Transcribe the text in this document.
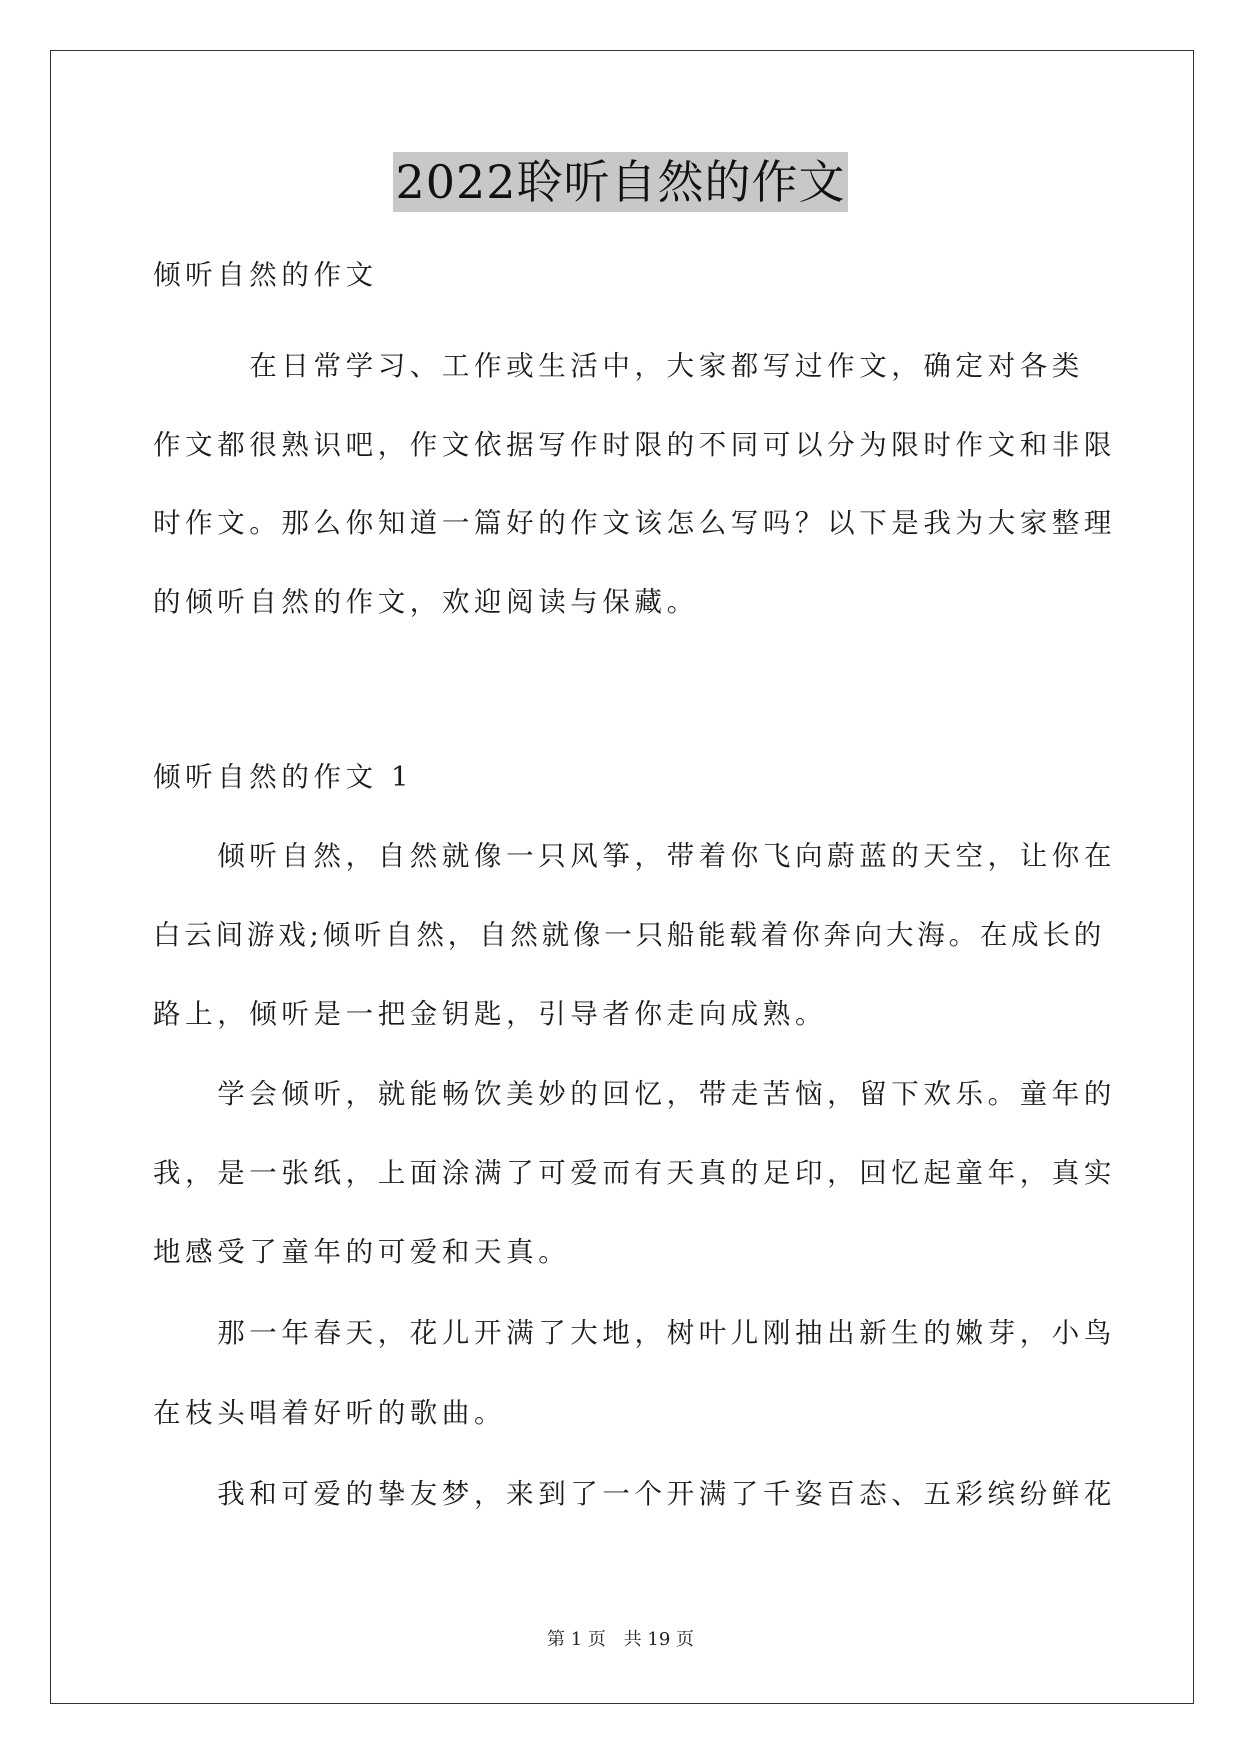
2022聆听自然的作文
倾听自然的作文
　　　在日常学习、工作或生活中，大家都写过作文，确定对各类
作文都很熟识吧，作文依据写作时限的不同可以分为限时作文和非限
时作文。那么你知道一篇好的作文该怎么写吗？以下是我为大家整理
的倾听自然的作文，欢迎阅读与保藏。
倾听自然的作文 1
　　倾听自然，自然就像一只风筝，带着你飞向蔚蓝的天空，让你在
白云间游戏;倾听自然，自然就像一只船能载着你奔向大海。在成长的
路上，倾听是一把金钥匙，引导者你走向成熟。
　　学会倾听，就能畅饮美妙的回忆，带走苦恼，留下欢乐。童年的
我，是一张纸，上面涂满了可爱而有天真的足印，回忆起童年，真实
地感受了童年的可爱和天真。
　　那一年春天，花儿开满了大地，树叶儿刚抽出新生的嫩芽，小鸟
在枝头唱着好听的歌曲。
　　我和可爱的挚友梦，来到了一个开满了千姿百态、五彩缤纷鲜花
第 1 页 共 19 页
